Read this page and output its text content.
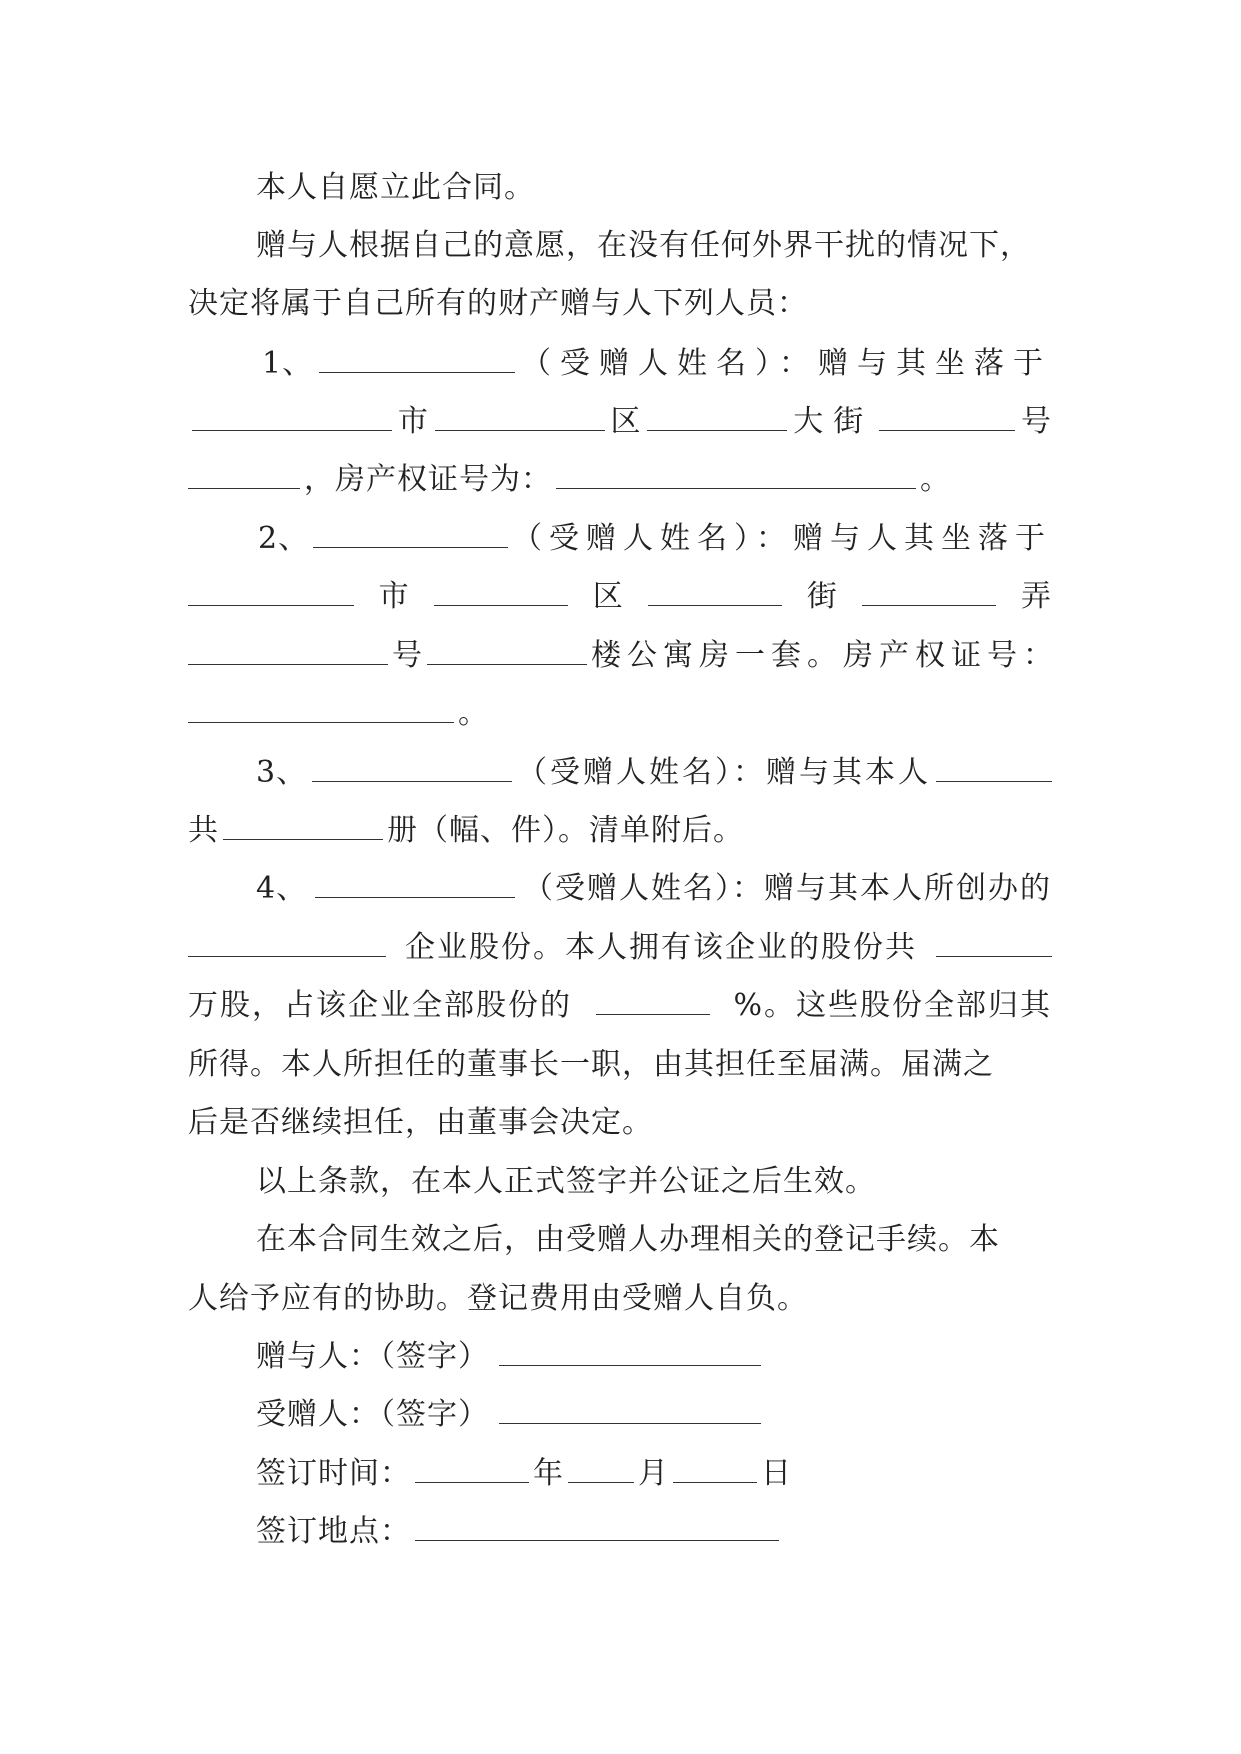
本人自愿立此合同。
赠与人根据自己的意愿，在没有任何外界干扰的情况下，
决定将属于自己所有的财产赠与人下列人员：
1、	（受赠人姓名）：赠与其坐落于
市	区	大街	号
，房产权证号为：	。
2、	（受赠人姓名）：赠与人其坐落于
市	区	街	弄
号	楼公寓房一套。房产权证号：
。
3、	（受赠人姓名）：赠与其本人
共	册（幅、件）。清单附后。
4、	（受赠人姓名）：赠与其本人所创办的
企业股份。本人拥有该企业的股份共
万股，占该企业全部股份的	%。这些股份全部归其
所得。本人所担任的董事长一职，由其担任至届满。届满之
后是否继续担任，由董事会决定。
以上条款，在本人正式签字并公证之后生效。
在本合同生效之后，由受赠人办理相关的登记手续。本
人给予应有的协助。登记费用由受赠人自负。
赠与人：（签字）
受赠人：（签字）
签订时间：	年 月	日
签订地点：
